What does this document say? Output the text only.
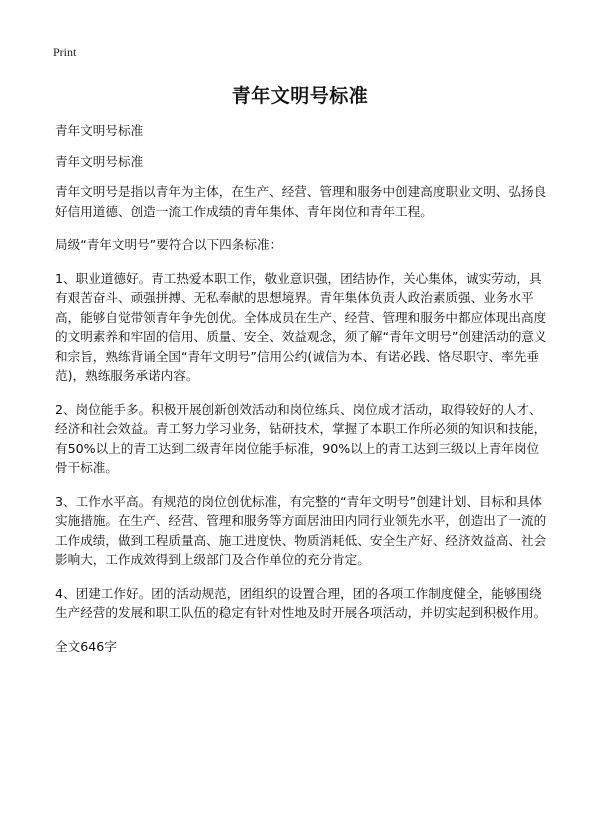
Print
青年文明号标准

青年文明号标准

青年文明号标准

青年文明号是指以青年为主体，在生产、经营、管理和服务中创建高度职业文明、弘扬良好信用道德、创造一流工作成绩的青年集体、青年岗位和青年工程。

局级“青年文明号”要符合以下四条标准：

1、职业道德好。青工热爱本职工作，敬业意识强，团结协作，关心集体，诚实劳动，具有艰苦奋斗、顽强拼搏、无私奉献的思想境界。青年集体负责人政治素质强、业务水平高，能够自觉带领青年争先创优。全体成员在生产、经营、管理和服务中都应体现出高度的文明素养和牢固的信用、质量、安全、效益观念，须了解“青年文明号”创建活动的意义和宗旨，熟练背诵全国“青年文明号”信用公约(诚信为本、有诺必践、恪尽职守、率先垂范)，熟练服务承诺内容。

2、岗位能手多。积极开展创新创效活动和岗位练兵、岗位成才活动，取得较好的人才、经济和社会效益。青工努力学习业务，钻研技术，掌握了本职工作所必须的知识和技能，有50%以上的青工达到二级青年岗位能手标准，90%以上的青工达到三级以上青年岗位骨干标准。

3、工作水平高。有规范的岗位创优标准，有完整的“青年文明号”创建计划、目标和具体实施措施。在生产、经营、管理和服务等方面居油田内同行业领先水平，创造出了一流的工作成绩，做到工程质量高、施工进度快、物质消耗低、安全生产好、经济效益高、社会影响大，工作成效得到上级部门及合作单位的充分肯定。

4、团建工作好。团的活动规范，团组织的设置合理，团的各项工作制度健全，能够围绕生产经营的发展和职工队伍的稳定有针对性地及时开展各项活动，并切实起到积极作用。

全文646字
